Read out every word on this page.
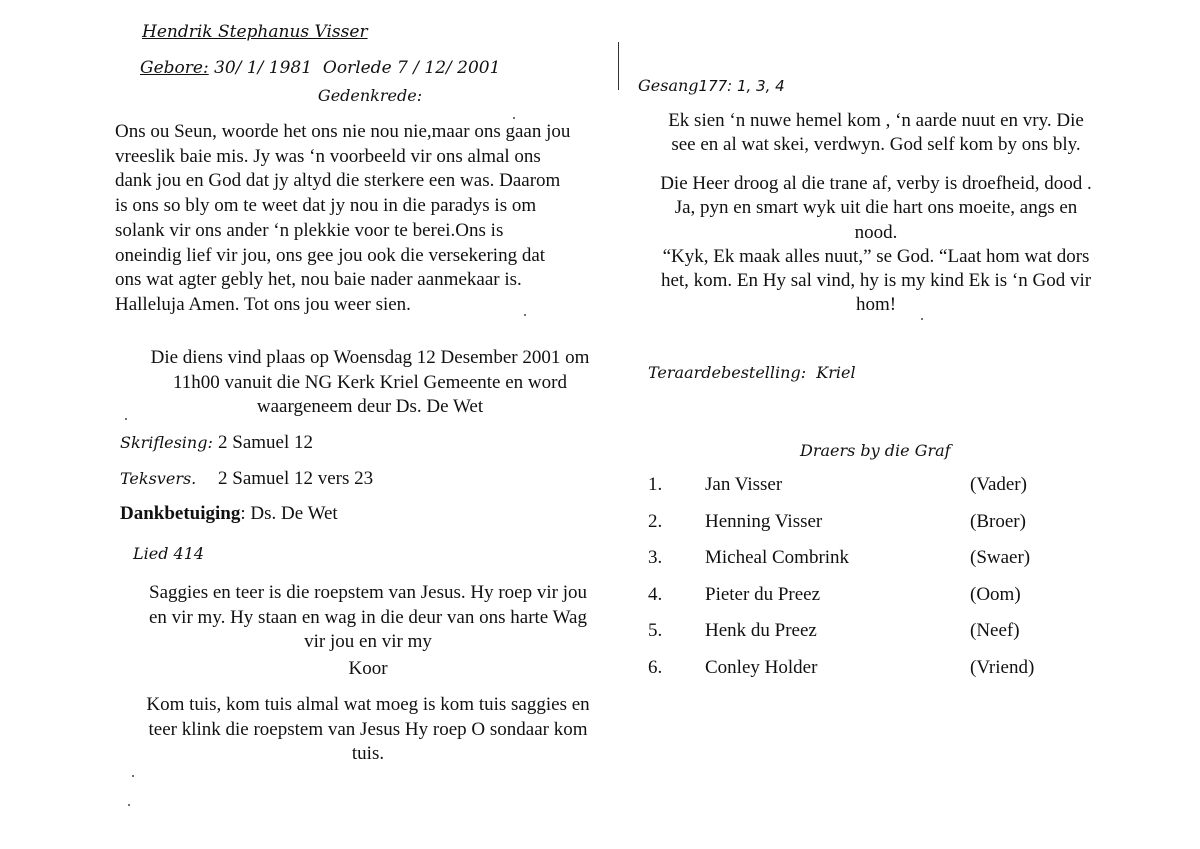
Hendrik Stephanus Visser
Gebore: 30/ 1/ 1981 Oorlede 7 / 12/ 2001
Gedenkrede:
Ons ou Seun, woorde het ons nie nou nie,maar ons gaan jou
vreeslik baie mis. Jy was ‘n voorbeeld vir ons almal ons
dank jou en God dat jy altyd die sterkere een was. Daarom
is ons so bly om te weet dat jy nou in die paradys is om
solank vir ons ander ‘n plekkie voor te berei.Ons is
oneindig lief vir jou, ons gee jou ook die versekering dat
ons wat agter gebly het, nou baie nader aanmekaar is.
Halleluja Amen. Tot ons jou weer sien.
Die diens vind plaas op Woensdag 12 Desember 2001 om
11h00 vanuit die NG Kerk Kriel Gemeente en word
waargeneem deur Ds. De Wet
Skriflesing: 2 Samuel 12
Teksvers. 2 Samuel 12 vers 23
Dankbetuiging: Ds. De Wet
Lied 414
Saggies en teer is die roepstem van Jesus. Hy roep vir jou
en vir my. Hy staan en wag in die deur van ons harte Wag
vir jou en vir my
Koor
Kom tuis, kom tuis almal wat moeg is kom tuis saggies en
teer klink die roepstem van Jesus Hy roep O sondaar kom
tuis.
Gesang177: 1, 3, 4
Ek sien ‘n nuwe hemel kom , ‘n aarde nuut en vry. Die
see en al wat skei, verdwyn. God self kom by ons bly.
Die Heer droog al die trane af, verby is droefheid, dood .
Ja, pyn en smart wyk uit die hart ons moeite, angs en
nood.
“Kyk, Ek maak alles nuut,” se God. “Laat hom wat dors
het, kom. En Hy sal vind, hy is my kind Ek is ‘n God vir
hom!
Teraardebestelling: Kriel
Draers by die Graf
1.	Jan Visser	(Vader)
2.	Henning Visser	(Broer)
3.	Micheal Combrink	(Swaer)
4.	Pieter du Preez	(Oom)
5.	Henk du Preez	(Neef)
6.	Conley Holder	(Vriend)
